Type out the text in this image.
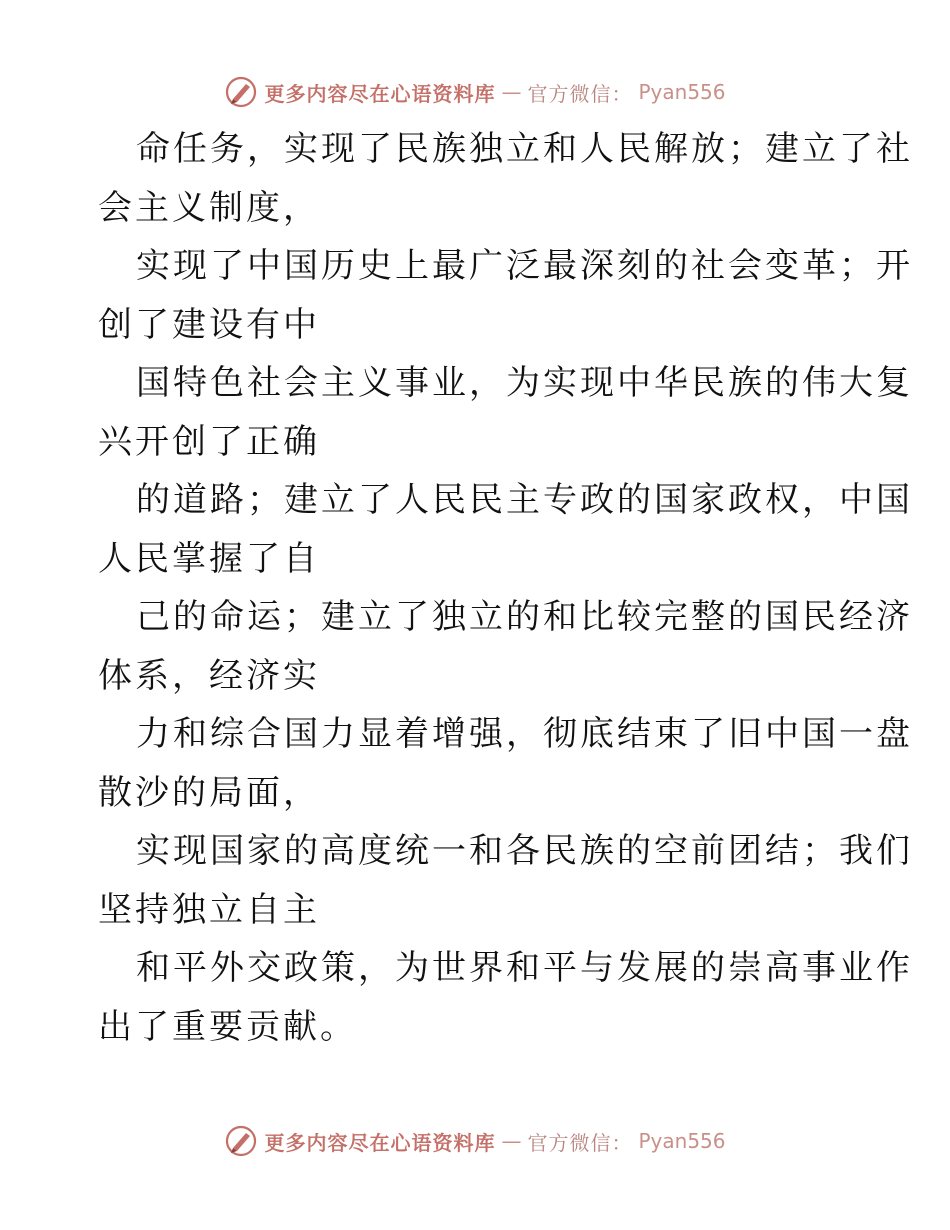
更多内容尽在心语资料库 — 官方微信： Pyan556

命任务，实现了民族独立和人民解放；建立了社
会主义制度，

实现了中国历史上最广泛最深刻的社会变革；开
创了建设有中

国特色社会主义事业，为实现中华民族的伟大复
兴开创了正确

的道路；建立了人民民主专政的国家政权，中国
人民掌握了自

己的命运；建立了独立的和比较完整的国民经济
体系，经济实

力和综合国力显着增强，彻底结束了旧中国一盘
散沙的局面，

实现国家的高度统一和各民族的空前团结；我们
坚持独立自主

和平外交政策，为世界和平与发展的崇高事业作
出了重要贡献。

更多内容尽在心语资料库 — 官方微信： Pyan556
